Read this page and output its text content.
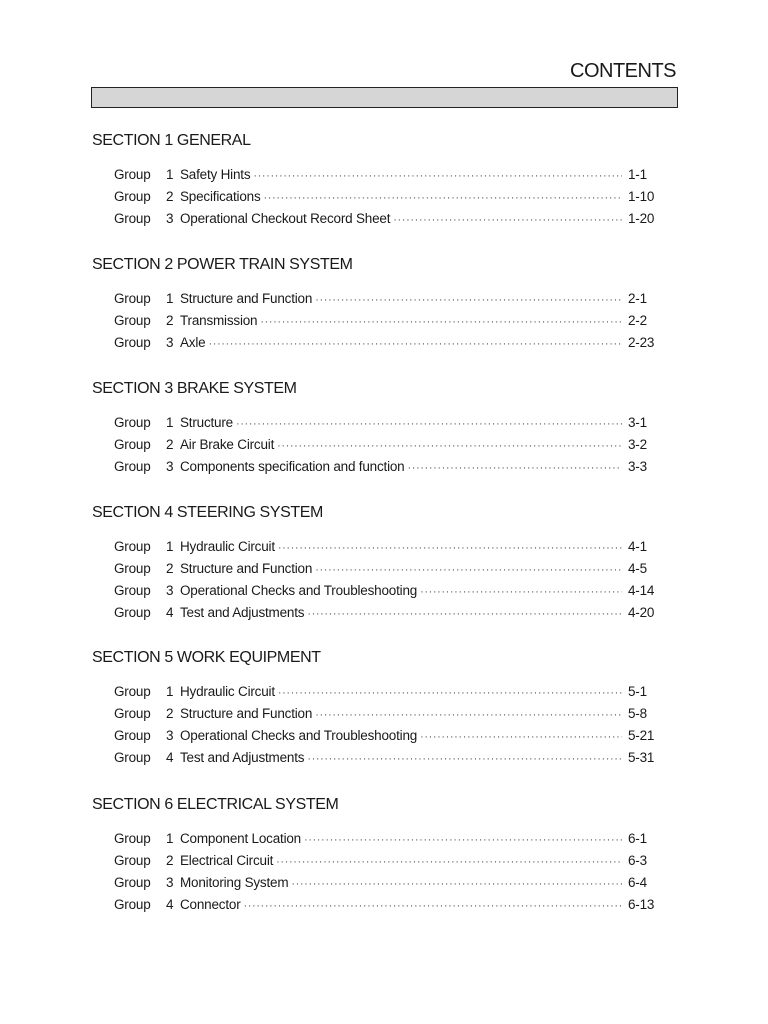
CONTENTS
SECTION 1 GENERAL
Group	1 Safety Hints ·····	1-1
Group	2 Specifications ·····	1-10
Group	3 Operational Checkout Record Sheet ·····	1-20
SECTION 2 POWER TRAIN SYSTEM
Group	1 Structure and Function ·····	2-1
Group	2 Transmission ·····	2-2
Group	3 Axle ·····	2-23
SECTION 3 BRAKE SYSTEM
Group	1 Structure ·····	3-1
Group	2 Air Brake Circuit ·····	3-2
Group	3 Components specification and function ·····	3-3
SECTION 4 STEERING SYSTEM
Group	1 Hydraulic Circuit ·····	4-1
Group	2 Structure and Function ·····	4-5
Group	3 Operational Checks and Troubleshooting ·····	4-14
Group	4 Test and Adjustments ·····	4-20
SECTION 5 WORK EQUIPMENT
Group	1 Hydraulic Circuit ·····	5-1
Group	2 Structure and Function ·····	5-8
Group	3 Operational Checks and Troubleshooting ·····	5-21
Group	4 Test and Adjustments ·····	5-31
SECTION 6 ELECTRICAL SYSTEM
Group	1 Component Location ·····	6-1
Group	2 Electrical Circuit ·····	6-3
Group	3 Monitoring System ·····	6-4
Group	4 Connector ·····	6-13
